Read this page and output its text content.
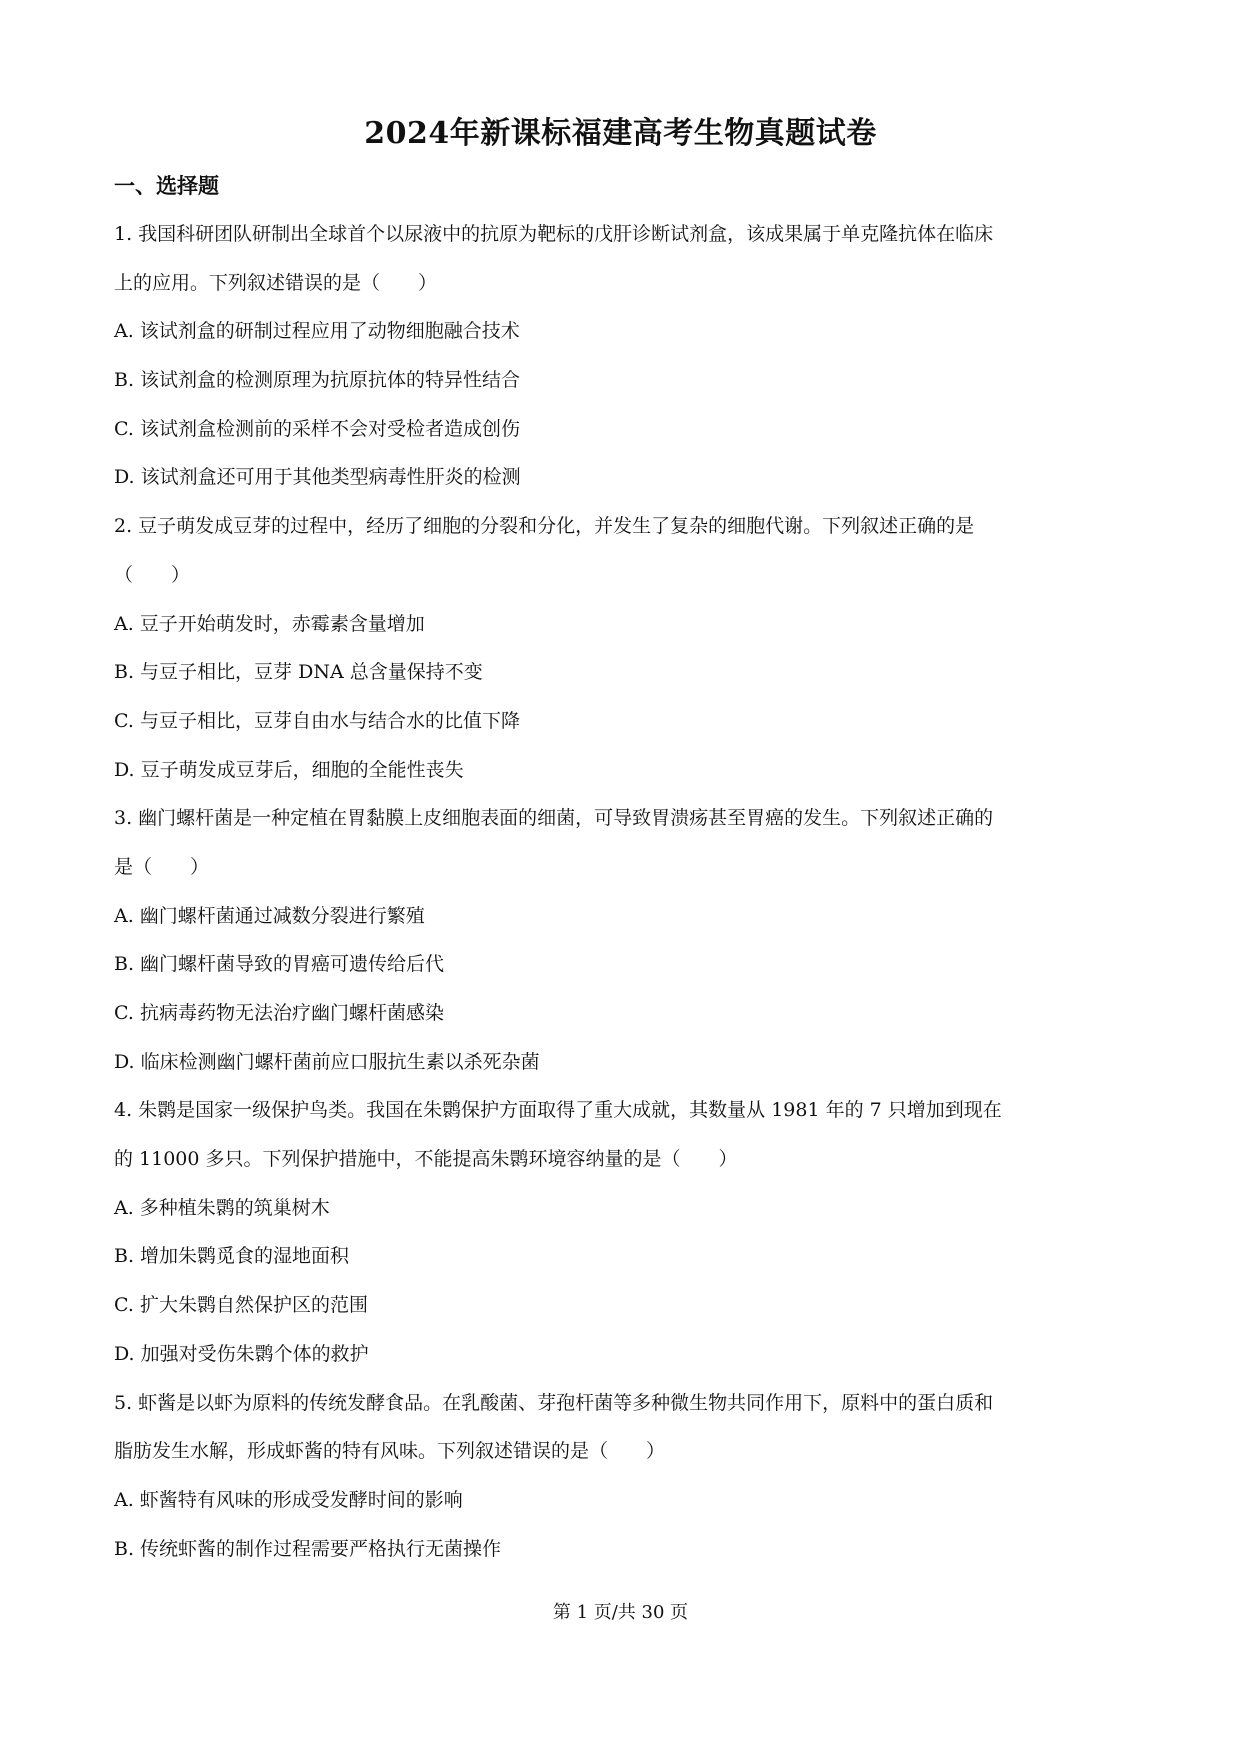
2024年新课标福建高考生物真题试卷
一、选择题
1. 我国科研团队研制出全球首个以尿液中的抗原为靶标的戊肝诊断试剂盒，该成果属于单克隆抗体在临床
上的应用。下列叙述错误的是（　　）
A. 该试剂盒的研制过程应用了动物细胞融合技术
B. 该试剂盒的检测原理为抗原抗体的特异性结合
C. 该试剂盒检测前的采样不会对受检者造成创伤
D. 该试剂盒还可用于其他类型病毒性肝炎的检测
2. 豆子萌发成豆芽的过程中，经历了细胞的分裂和分化，并发生了复杂的细胞代谢。下列叙述正确的是
（　　）
A. 豆子开始萌发时，赤霉素含量增加
B. 与豆子相比，豆芽 DNA 总含量保持不变
C. 与豆子相比，豆芽自由水与结合水的比值下降
D. 豆子萌发成豆芽后，细胞的全能性丧失
3. 幽门螺杆菌是一种定植在胃黏膜上皮细胞表面的细菌，可导致胃溃疡甚至胃癌的发生。下列叙述正确的
是（　　）
A. 幽门螺杆菌通过减数分裂进行繁殖
B. 幽门螺杆菌导致的胃癌可遗传给后代
C. 抗病毒药物无法治疗幽门螺杆菌感染
D. 临床检测幽门螺杆菌前应口服抗生素以杀死杂菌
4. 朱鹮是国家一级保护鸟类。我国在朱鹮保护方面取得了重大成就，其数量从 1981 年的 7 只增加到现在
的 11000 多只。下列保护措施中，不能提高朱鹮环境容纳量的是（　　）
A. 多种植朱鹮的筑巢树木
B. 增加朱鹮觅食的湿地面积
C. 扩大朱鹮自然保护区的范围
D. 加强对受伤朱鹮个体的救护
5. 虾酱是以虾为原料的传统发酵食品。在乳酸菌、芽孢杆菌等多种微生物共同作用下，原料中的蛋白质和
脂肪发生水解，形成虾酱的特有风味。下列叙述错误的是（　　）
A. 虾酱特有风味的形成受发酵时间的影响
B. 传统虾酱的制作过程需要严格执行无菌操作
第 1 页/共 30 页
